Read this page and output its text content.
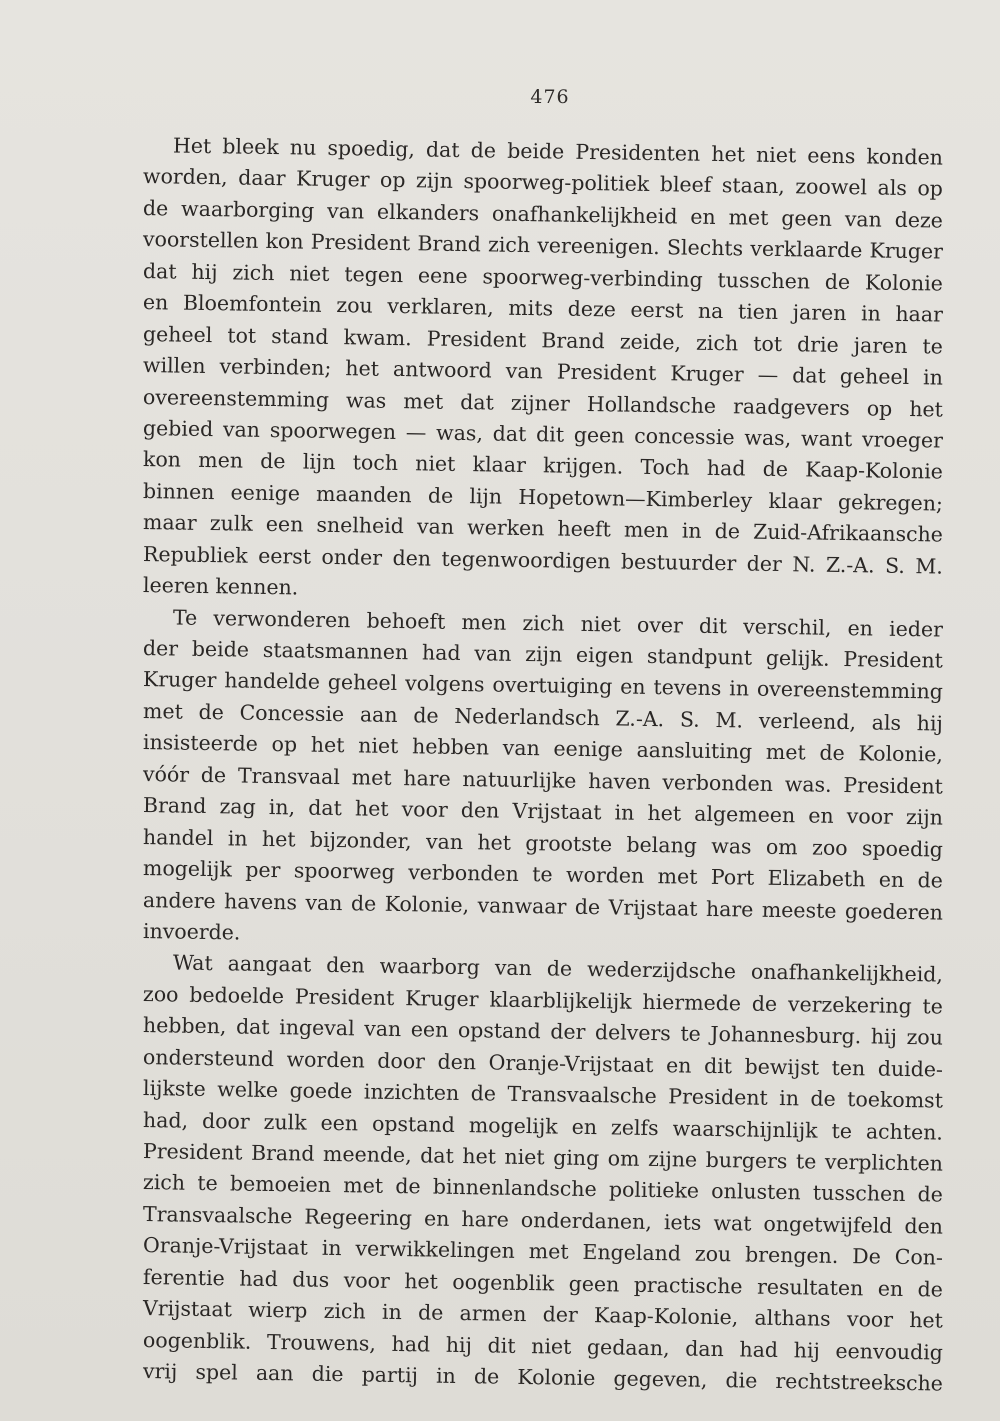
476
Het bleek nu spoedig, dat de beide Presidenten het niet eens konden
worden, daar Kruger op zijn spoorweg-politiek bleef staan, zoowel als op
de waarborging van elkanders onafhankelijkheid en met geen van deze
voorstellen kon President Brand zich vereenigen. Slechts verklaarde Kruger
dat hij zich niet tegen eene spoorweg-verbinding tusschen de Kolonie
en Bloemfontein zou verklaren, mits deze eerst na tien jaren in haar
geheel tot stand kwam. President Brand zeide, zich tot drie jaren te
willen verbinden; het antwoord van President Kruger — dat geheel in
overeenstemming was met dat zijner Hollandsche raadgevers op het
gebied van spoorwegen — was, dat dit geen concessie was, want vroeger
kon men de lijn toch niet klaar krijgen. Toch had de Kaap-Kolonie
binnen eenige maanden de lijn Hopetown—Kimberley klaar gekregen;
maar zulk een snelheid van werken heeft men in de Zuid-Afrikaansche
Republiek eerst onder den tegenwoordigen bestuurder der N. Z.-A. S. M.
leeren kennen.
Te verwonderen behoeft men zich niet over dit verschil, en ieder
der beide staatsmannen had van zijn eigen standpunt gelijk. President
Kruger handelde geheel volgens overtuiging en tevens in overeenstemming
met de Concessie aan de Nederlandsch Z.-A. S. M. verleend, als hij
insisteerde op het niet hebben van eenige aansluiting met de Kolonie,
vóór de Transvaal met hare natuurlijke haven verbonden was. President
Brand zag in, dat het voor den Vrijstaat in het algemeen en voor zijn
handel in het bijzonder, van het grootste belang was om zoo spoedig
mogelijk per spoorweg verbonden te worden met Port Elizabeth en de
andere havens van de Kolonie, vanwaar de Vrijstaat hare meeste goederen
invoerde.
Wat aangaat den waarborg van de wederzijdsche onafhankelijkheid,
zoo bedoelde President Kruger klaarblijkelijk hiermede de verzekering te
hebben, dat ingeval van een opstand der delvers te Johannesburg. hij zou
ondersteund worden door den Oranje-Vrijstaat en dit bewijst ten duide-
lijkste welke goede inzichten de Transvaalsche President in de toekomst
had, door zulk een opstand mogelijk en zelfs waarschijnlijk te achten.
President Brand meende, dat het niet ging om zijne burgers te verplichten
zich te bemoeien met de binnenlandsche politieke onlusten tusschen de
Transvaalsche Regeering en hare onderdanen, iets wat ongetwijfeld den
Oranje-Vrijstaat in verwikkelingen met Engeland zou brengen. De Con-
ferentie had dus voor het oogenblik geen practische resultaten en de
Vrijstaat wierp zich in de armen der Kaap-Kolonie, althans voor het
oogenblik. Trouwens, had hij dit niet gedaan, dan had hij eenvoudig
vrij spel aan die partij in de Kolonie gegeven, die rechtstreeksche
